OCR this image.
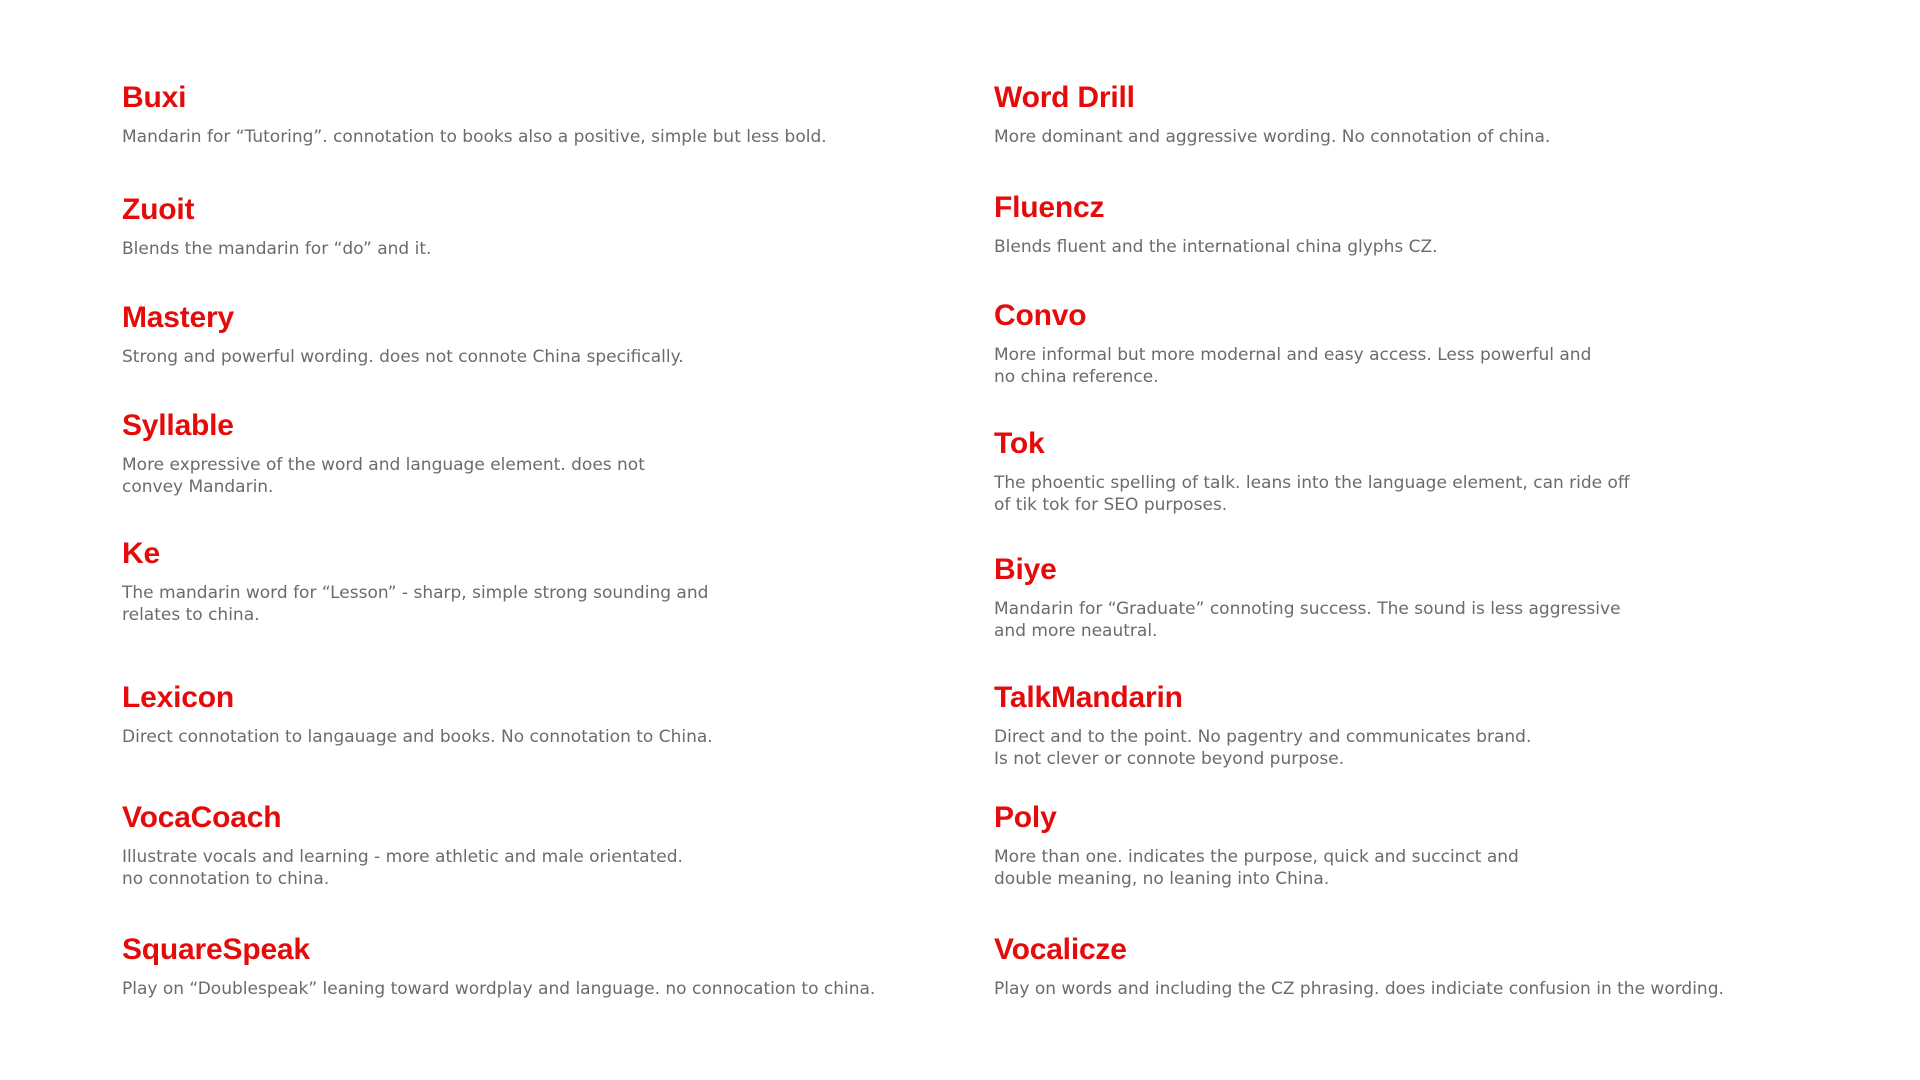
Buxi
Mandarin for “Tutoring”. connotation to books also a positive, simple but less bold.
Zuoit
Blends the mandarin for “do” and it.
Mastery
Strong and powerful wording. does not connote China specifically.
Syllable
More expressive of the word and language element. does not
convey Mandarin.
Ke
The mandarin word for “Lesson” - sharp, simple strong sounding and
relates to china.
Lexicon
Direct connotation to langauage and books. No connotation to China.
VocaCoach
Illustrate vocals and learning - more athletic and male orientated.
no connotation to china.
SquareSpeak
Play on “Doublespeak” leaning toward wordplay and language. no connocation to china.
Word Drill
More dominant and aggressive wording. No connotation of china.
Fluencz
Blends fluent and the international china glyphs CZ.
Convo
More informal but more modernal and easy access. Less powerful and
no china reference.
Tok
The phoentic spelling of talk. leans into the language element, can ride off
of tik tok for SEO purposes.
Biye
Mandarin for “Graduate” connoting success. The sound is less aggressive
and more neautral.
TalkMandarin
Direct and to the point. No pagentry and communicates brand.
Is not clever or connote beyond purpose.
Poly
More than one. indicates the purpose, quick and succinct and
double meaning, no leaning into China.
Vocalicze
Play on words and including the CZ phrasing. does indiciate confusion in the wording.
